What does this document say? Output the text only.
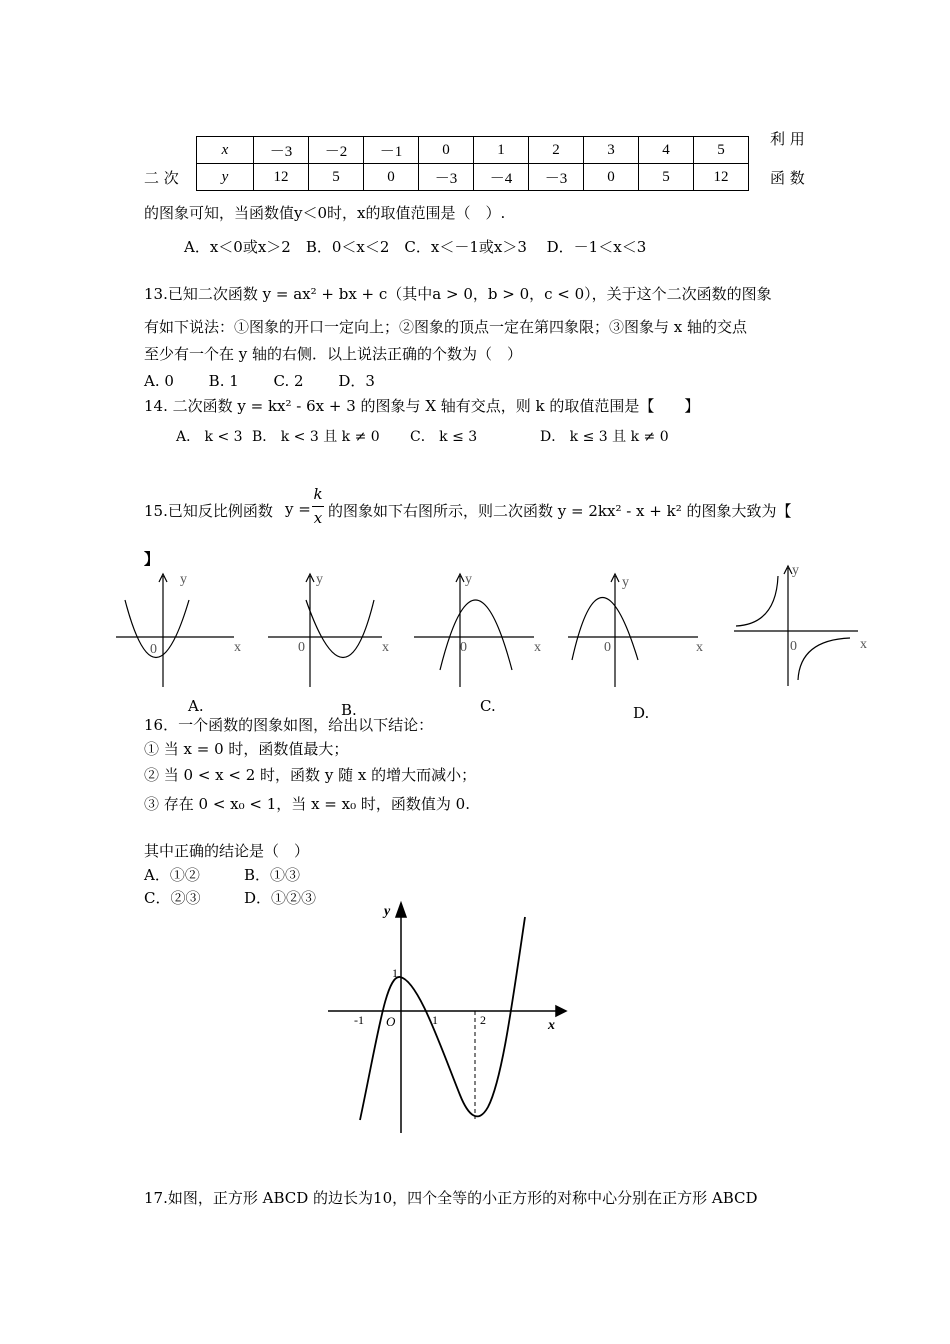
利 用
二 次	函 数
x	－3	－2	－1	0	1	2	3	4	5
y	12	5	0	－3	－4	－3	0	5	12
的图象可知，当函数值y＜0时，x的取值范围是（　）.
A．x＜0或x＞2　B．0＜x＜2　C．x＜－1或x＞3　 D．－1＜x＜3
13.已知二次函数 y = ax² + bx + c（其中a > 0，b > 0，c < 0），关于这个二次函数的图象
有如下说法：①图象的开口一定向上；②图象的顶点一定在第四象限；③图象与 x 轴的交点
至少有一个在 y 轴的右侧．以上说法正确的个数为（　）
A. 0　　 B. 1　　 C. 2　　 D．3
14. 二次函数 y = kx² - 6x + 3 的图象与 X 轴有交点，则 k 的取值范围是【　　】
A． k < 3 B． k < 3 且 k ≠ 0 C． k ≤ 3	D． k ≤ 3 且 k ≠ 0
15.已知反比例函数 y =
k
x 的图象如下右图所示，则二次函数 y = 2kx² - x + k² 的图象大致为【
】
y
x
0
y
x
0
y
x
0
y
x
0
y
x
0
A.	B.	C.	D.
16．一个函数的图象如图，给出以下结论：
① 当 x = 0 时，函数值最大；
② 当 0 < x < 2 时，函数 y 随 x 的增大而减小；
③ 存在 0 < x₀ < 1，当 x = x₀ 时，函数值为 0.
其中正确的结论是（　）
A．①②	B．①③
C．②③	D．①②③
y
x
O
-1	1
1
2
17.如图，正方形 ABCD 的边长为10，四个全等的小正方形的对称中心分别在正方形 ABCD
